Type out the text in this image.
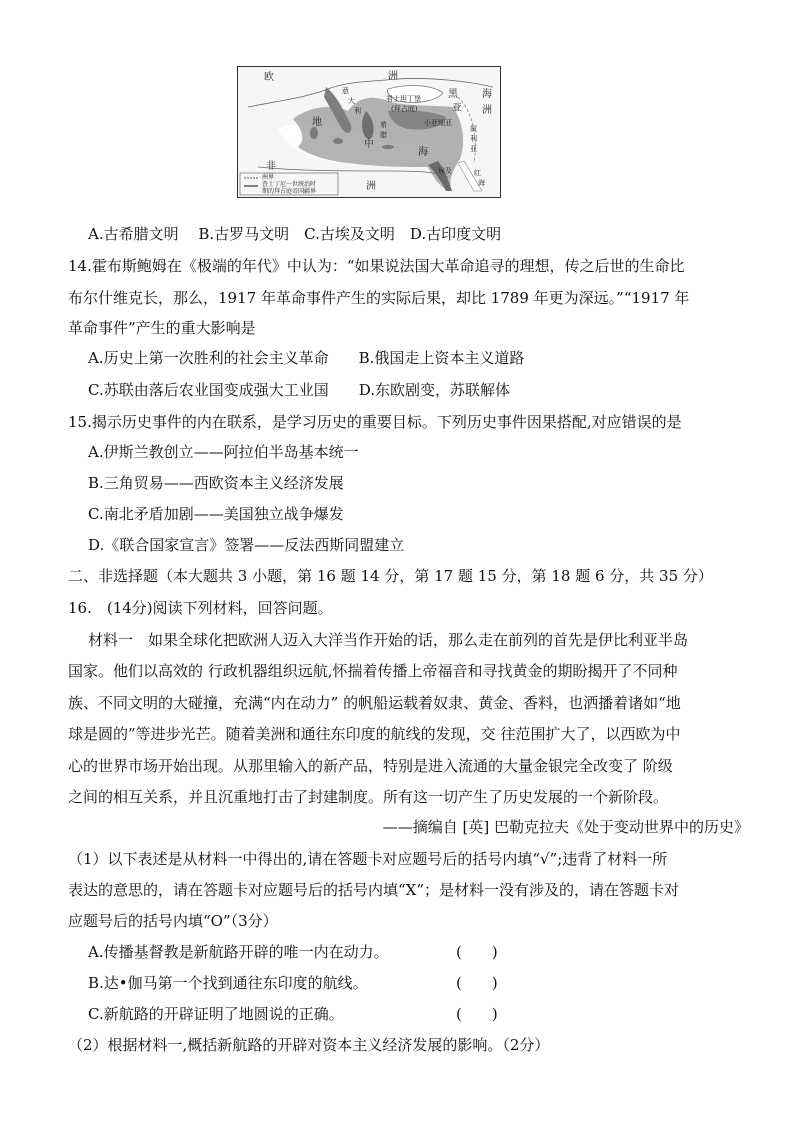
欧	洲
亚 洲
非
洲
黑 海
君士坦丁堡
(拜占庭)
小亚细亚
叙
利
亚
意
大
利
希
腊
地
中
海
埃及	红
海
洲界
查士丁尼一世统治时
期的拜占庭帝国疆界
A.古希腊文明　 B.古罗马文明　C.古埃及文明　D.古印度文明
14.霍布斯鲍姆在《极端的年代》中认为：“如果说法国大革命追寻的理想，传之后世的生命比
布尔什维克长，那么，1917 年革命事件产生的实际后果，却比 1789 年更为深远。”“1917 年
革命事件”产生的重大影响是
A.历史上第一次胜利的社会主义革命　　B.俄国走上资本主义道路
C.苏联由落后农业国变成强大工业国　　D.东欧剧变，苏联解体
15.揭示历史事件的内在联系，是学习历史的重要目标。下列历史事件因果搭配,对应错误的是
A.伊斯兰教创立——阿拉伯半岛基本统一
B.三角贸易——西欧资本主义经济发展
C.南北矛盾加剧——美国独立战争爆发
D.《联合国家宣言》签署——反法西斯同盟建立
二、非选择题（本大题共 3 小题，第 16 题 14 分，第 17 题 15 分，第 18 题 6 分，共 35 分）
16.　(14分)阅读下列材料，回答问题。
材料一　如果全球化把欧洲人迈入大洋当作开始的话，那么走在前列的首先是伊比利亚半岛
国家。他们以高效的 行政机器组织远航,怀揣着传播上帝福音和寻找黄金的期盼揭开了不同种
族、不同文明的大碰撞，充满“内在动力” 的帆船运载着奴隶、黄金、香料，也洒播着诸如“地
球是圆的”等进步光芒。随着美洲和通往东印度的航线的发现，交 往范围扩大了，以西欧为中
心的世界市场开始出现。从那里输入的新产品，特别是进入流通的大量金银完全改变了 阶级
之间的相互关系，并且沉重地打击了封建制度。所有这一切产生了历史发展的一个新阶段。
——摘编自 [英] 巴勒克拉夫《处于变动世界中的历史》
（1）以下表述是从材料一中得出的,请在答题卡对应题号后的括号内填“√”;违背了材料一所
表达的意思的，请在答题卡对应题号后的括号内填“X”；是材料一没有涉及的，请在答题卡对
应题号后的括号内填“O”（3分）
A.传播基督教是新航路开辟的唯一内在动力。	(　　)
B.达•伽马第一个找到通往东印度的航线。	(　　)
C.新航路的开辟证明了地圆说的正确。	(　　)
（2）根据材料一,概括新航路的开辟对资本主义经济发展的影响。（2分）
